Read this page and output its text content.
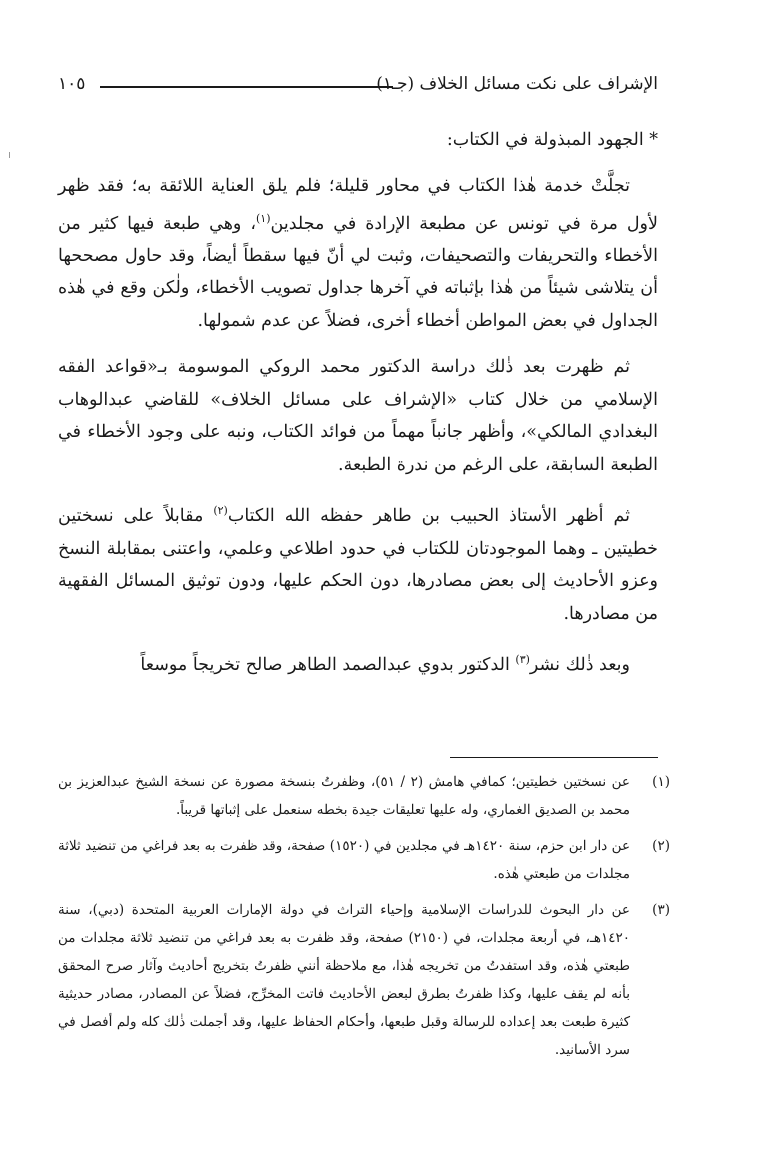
الإشراف على نكت مسائل الخلاف (جـ١)
١٠٥

* الجهود المبذولة في الكتاب:

تجلَّتْ خدمة هٰذا الكتاب في محاور قليلة؛ فلم يلق العناية اللائقة به؛ فقد ظهر لأول مرة في تونس عن مطبعة الإرادة في مجلدين$^{(١)}$، وهي طبعة فيها كثير من الأخطاء والتحريفات والتصحيفات، وثبت لي أنّ فيها سقطاً أيضاً، وقد حاول مصححها أن يتلاشى شيئاً من هٰذا بإثباته في آخرها جداول تصويب الأخطاء، ولٰكن وقع في هٰذه الجداول في بعض المواطن أخطاء أخرى، فضلاً عن عدم شمولها.

ثم ظهرت بعد ذٰلك دراسة الدكتور محمد الروكي الموسومة بـ«قواعد الفقه الإسلامي من خلال كتاب «الإشراف على مسائل الخلاف» للقاضي عبدالوهاب البغدادي المالكي»، وأظهر جانباً مهماً من فوائد الكتاب، ونبه على وجود الأخطاء في الطبعة السابقة، على الرغم من ندرة الطبعة.

ثم أظهر الأستاذ الحبيب بن طاهر حفظه الله الكتاب$^{(٢)}$ مقابلاً على نسختين خطيتين ـ وهما الموجودتان للكتاب في حدود اطلاعي وعلمي، واعتنى بمقابلة النسخ وعزو الأحاديث إلى بعض مصادرها، دون الحكم عليها، ودون توثيق المسائل الفقهية من مصادرها.

وبعد ذٰلك نشر$^{(٣)}$ الدكتور بدوي عبدالصمد الطاهر صالح تخريجاً موسعاً

(١)
عن نسختين خطيتين؛ كمافي هامش (٢ / ٥١)، وظفرتُ بنسخة مصورة عن نسخة الشيخ عبدالعزيز بن محمد بن الصديق الغماري، وله عليها تعليقات جيدة بخطه سنعمل على إثباتها قريباً.
(٢)
عن دار ابن حزم، سنة ١٤٢٠هـ في مجلدين في (١٥٢٠) صفحة، وقد ظفرت به بعد فراغي من تنضيد ثلاثة مجلدات من طبعتي هٰذه.
(٣)
عن دار البحوث للدراسات الإسلامية وإحياء التراث في دولة الإمارات العربية المتحدة (دبي)، سنة ١٤٢٠هـ، في أربعة مجلدات، في (٢١٥٠) صفحة، وقد ظفرت به بعد فراغي من تنضيد ثلاثة مجلدات من طبعتي هٰذه، وقد استفدتُ من تخريجه هٰذا، مع ملاحظة أنني ظفرتُ بتخريج أحاديث وآثار صرح المحقق بأنه لم يقف عليها، وكذا ظفرتُ بطرق لبعض الأحاديث فاتت المخرِّج، فضلاً عن المصادر، مصادر حديثية كثيرة طبعت بعد إعداده للرسالة وقبل طبعها، وأحكام الحفاظ عليها، وقد أجملت ذٰلك كله ولم أفصل في سرد الأسانيد.
